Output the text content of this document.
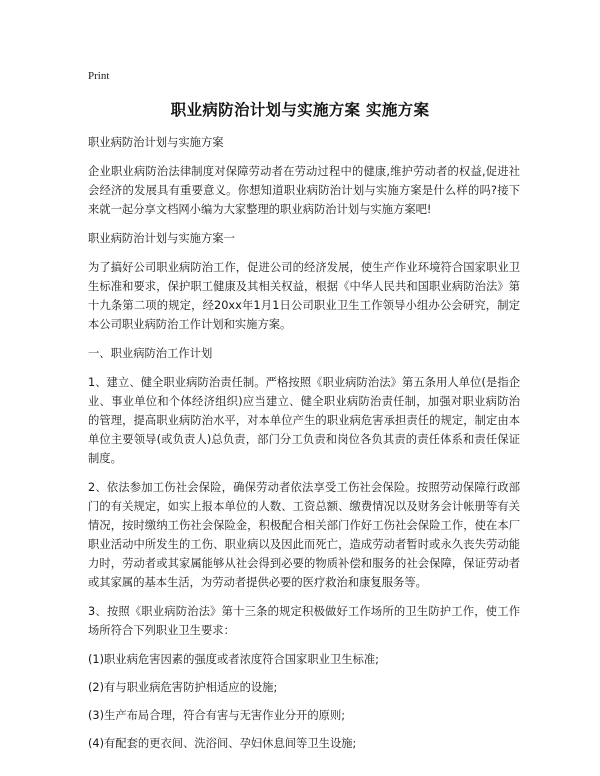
Print
职业病防治计划与实施方案 实施方案

职业病防治计划与实施方案

企业职业病防治法律制度对保障劳动者在劳动过程中的健康,维护劳动者的权益,促进社会经济的发展具有重要意义。你想知道职业病防治计划与实施方案是什么样的吗?接下来就一起分享文档网小编为大家整理的职业病防治计划与实施方案吧!

职业病防治计划与实施方案一

为了搞好公司职业病防治工作，促进公司的经济发展，使生产作业环境符合国家职业卫生标准和要求，保护职工健康及其相关权益，根据《中华人民共和国职业病防治法》第十九条第二项的规定，经20xx年1月1日公司职业卫生工作领导小组办公会研究，制定本公司职业病防治工作计划和实施方案。

一、职业病防治工作计划

1、建立、健全职业病防治责任制。严格按照《职业病防治法》第五条用人单位(是指企业、事业单位和个体经济组织)应当建立、健全职业病防治责任制，加强对职业病防治的管理，提高职业病防治水平，对本单位产生的职业病危害承担责任的规定，制定由本单位主要领导(或负责人)总负责，部门分工负责和岗位各负其责的责任体系和责任保证制度。

2、依法参加工伤社会保险，确保劳动者依法享受工伤社会保险。按照劳动保障行政部门的有关规定，如实上报本单位的人数、工资总额、缴费情况以及财务会计帐册等有关情况，按时缴纳工伤社会保险金，积极配合相关部门作好工伤社会保险工作，使在本厂职业活动中所发生的工伤、职业病以及因此而死亡，造成劳动者暂时或永久丧失劳动能力时，劳动者或其家属能够从社会得到必要的物质补偿和服务的社会保障，保证劳动者或其家属的基本生活，为劳动者提供必要的医疗救治和康复服务等。

3、按照《职业病防治法》第十三条的规定积极做好工作场所的卫生防护工作，使工作场所符合下列职业卫生要求：

(1)职业病危害因素的强度或者浓度符合国家职业卫生标准;

(2)有与职业病危害防护相适应的设施;

(3)生产布局合理，符合有害与无害作业分开的原则;

(4)有配套的更衣间、洗浴间、孕妇休息间等卫生设施;
